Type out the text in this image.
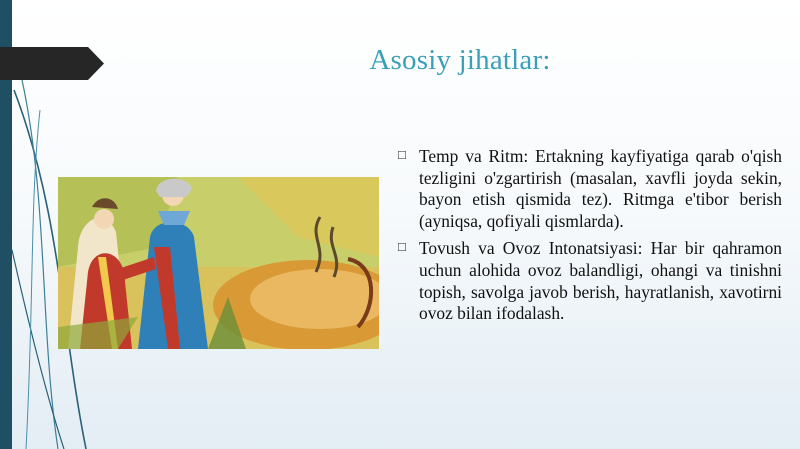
Asosiy jihatlar:
□ Temp va Ritm: Ertakning kayfiyatiga qarab o'qish tezligini o'zgartirish (masalan, xavfli joyda sekin, bayon etish qismida tez). Ritmga e'tibor berish (ayniqsa, qofiyali qismlarda).
□ Tovush va Ovoz Intonatsiyasi: Har bir qahramon uchun alohida ovoz balandligi, ohangi va tinishni topish, savolga javob berish, hayratlanish, xavotirni ovoz bilan ifodalash.
